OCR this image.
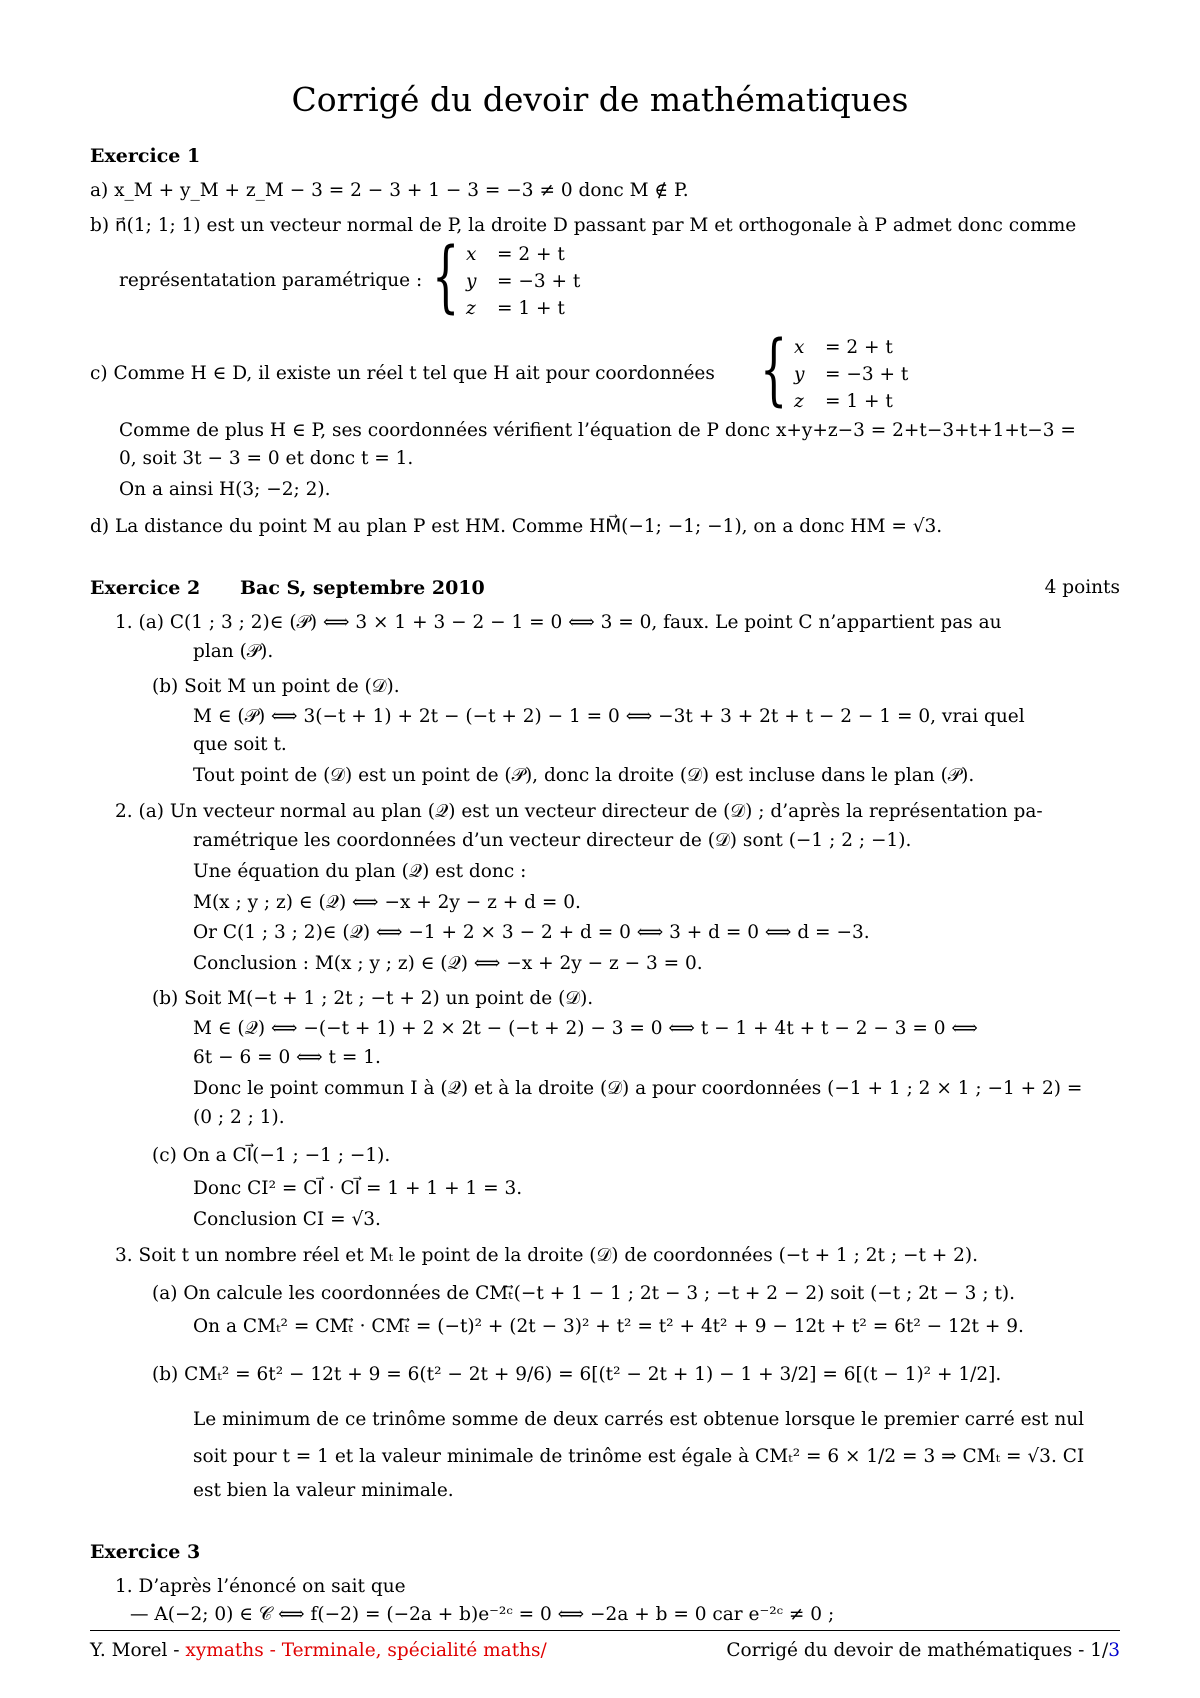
Corrigé du devoir de mathématiques
Exercice 1
a) x_M + y_M + z_M − 3 = 2 − 3 + 1 − 3 = −3 ≠ 0 donc M ∉ P.
b) n⃗(1; 1; 1) est un vecteur normal de P, la droite D passant par M et orthogonale à P admet donc comme
représentatation paramétrique : { x
y
z
= 2 + t
= −3 + t
= 1 + t
c) Comme H ∈ D, il existe un réel t tel que H ait pour coordonnées { x
y
z
= 2 + t
= −3 + t
= 1 + t
Comme de plus H ∈ P, ses coordonnées vérifient l’équation de P donc x+y+z−3 = 2+t−3+t+1+t−3 =
0, soit 3t − 3 = 0 et donc t = 1.
On a ainsi H(3; −2; 2).
d) La distance du point M au plan P est HM. Comme HM⃗(−1; −1; −1), on a donc HM = √3.
Exercice 2 Bac S, septembre 2010	4 points
1. (a) C(1 ; 3 ; 2)∈ (𝒫) ⟺ 3 × 1 + 3 − 2 − 1 = 0 ⟺ 3 = 0, faux. Le point C n’appartient pas au
plan (𝒫).
(b) Soit M un point de (𝒟).
M ∈ (𝒫) ⟺ 3(−t + 1) + 2t − (−t + 2) − 1 = 0 ⟺ −3t + 3 + 2t + t − 2 − 1 = 0, vrai quel
que soit t.
Tout point de (𝒟) est un point de (𝒫), donc la droite (𝒟) est incluse dans le plan (𝒫).
2. (a) Un vecteur normal au plan (𝒬) est un vecteur directeur de (𝒟) ; d’après la représentation pa-
ramétrique les coordonnées d’un vecteur directeur de (𝒟) sont (−1 ; 2 ; −1).
Une équation du plan (𝒬) est donc :
M(x ; y ; z) ∈ (𝒬) ⟺ −x + 2y − z + d = 0.
Or C(1 ; 3 ; 2)∈ (𝒬) ⟺ −1 + 2 × 3 − 2 + d = 0 ⟺ 3 + d = 0 ⟺ d = −3.
Conclusion : M(x ; y ; z) ∈ (𝒬) ⟺ −x + 2y − z − 3 = 0.
(b) Soit M(−t + 1 ; 2t ; −t + 2) un point de (𝒟).
M ∈ (𝒬) ⟺ −(−t + 1) + 2 × 2t − (−t + 2) − 3 = 0 ⟺ t − 1 + 4t + t − 2 − 3 = 0 ⟺
6t − 6 = 0 ⟺ t = 1.
Donc le point commun I à (𝒬) et à la droite (𝒟) a pour coordonnées (−1 + 1 ; 2 × 1 ; −1 + 2) =
(0 ; 2 ; 1).
(c) On a CI⃗(−1 ; −1 ; −1).
Donc CI² = CI⃗ · CI⃗ = 1 + 1 + 1 = 3.
Conclusion CI = √3.
3. Soit t un nombre réel et Mₜ le point de la droite (𝒟) de coordonnées (−t + 1 ; 2t ; −t + 2).
(a) On calcule les coordonnées de CMₜ⃗(−t + 1 − 1 ; 2t − 3 ; −t + 2 − 2) soit (−t ; 2t − 3 ; t).
On a CMₜ² = CMₜ⃗ · CMₜ⃗ = (−t)² + (2t − 3)² + t² = t² + 4t² + 9 − 12t + t² = 6t² − 12t + 9.
(b) CMₜ² = 6t² − 12t + 9 = 6(t² − 2t + 9/6) = 6[(t² − 2t + 1) − 1 + 3/2] = 6[(t − 1)² + 1/2].
Le minimum de ce trinôme somme de deux carrés est obtenue lorsque le premier carré est nul
soit pour t = 1 et la valeur minimale de trinôme est égale à CMₜ² = 6 × 1/2 = 3 ⇒ CMₜ = √3. CI
est bien la valeur minimale.
Exercice 3
1. D’après l’énoncé on sait que
— A(−2; 0) ∈ 𝒞 ⟺ f(−2) = (−2a + b)e⁻²ᶜ = 0 ⟺ −2a + b = 0 car e⁻²ᶜ ≠ 0 ;
Y. Morel - xymaths - Terminale, spécialité maths/	Corrigé du devoir de mathématiques - 1/3
